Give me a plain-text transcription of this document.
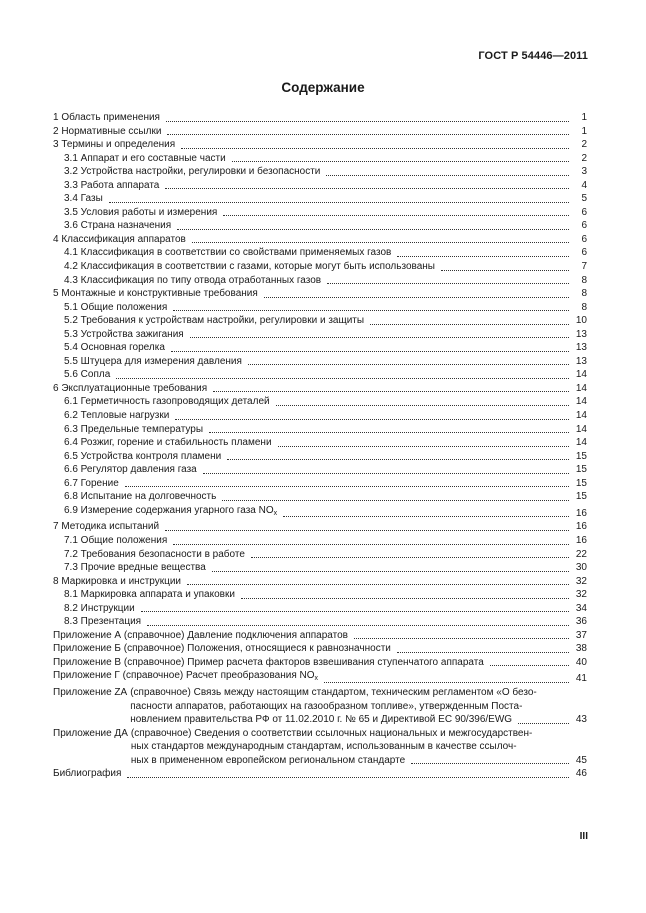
ГОСТ Р 54446—2011
Содержание
1 Область применения	1
2 Нормативные ссылки	1
3 Термины и определения	2
3.1 Аппарат и его составные части	2
3.2 Устройства настройки, регулировки и безопасности	3
3.3 Работа аппарата	4
3.4 Газы	5
3.5 Условия работы и измерения	6
3.6 Страна назначения	6
4 Классификация аппаратов	6
4.1 Классификация в соответствии со свойствами применяемых газов	6
4.2 Классификация в соответствии с газами, которые могут быть использованы	7
4.3 Классификация по типу отвода отработанных газов	8
5 Монтажные и конструктивные требования	8
5.1 Общие положения	8
5.2 Требования к устройствам настройки, регулировки и защиты	10
5.3 Устройства зажигания	13
5.4 Основная горелка	13
5.5 Штуцера для измерения давления	13
5.6 Сопла	14
6 Эксплуатационные требования	14
6.1 Герметичность газопроводящих деталей	14
6.2 Тепловые нагрузки	14
6.3 Предельные температуры	14
6.4 Розжиг, горение и стабильность пламени	14
6.5 Устройства контроля пламени	15
6.6 Регулятор давления газа	15
6.7 Горение	15
6.8 Испытание на долговечность	15
6.9 Измерение содержания угарного газа $NO_x$	16
7 Методика испытаний	16
7.1 Общие положения	16
7.2 Требования безопасности в работе	22
7.3 Прочие вредные вещества	30
8 Маркировка и инструкции	32
8.1 Маркировка аппарата и упаковки	32
8.2 Инструкции	34
8.3 Презентация	36
Приложение А (справочное) Давление подключения аппаратов	37
Приложение Б (справочное) Положения, относящиеся к равнозначности	38
Приложение В (справочное) Пример расчета факторов взвешивания ступенчатого аппарата	40
Приложение Г (справочное) Расчет преобразования $NO_x$	41
Приложение ZA (справочное) Связь между настоящим стандартом, техническим регламентом «О безо-
пасности аппаратов, работающих на газообразном топливе», утвержденным Поста-
новлением правительства РФ от 11.02.2010 г. № 65 и Директивой ЕС 90/396/EWG	43
Приложение ДА (справочное) Сведения о соответствии ссылочных национальных и межгосударствен-
ных стандартов международным стандартам, использованным в качестве ссылоч-
ных в примененном европейском региональном стандарте	45
Библиография	46
III
